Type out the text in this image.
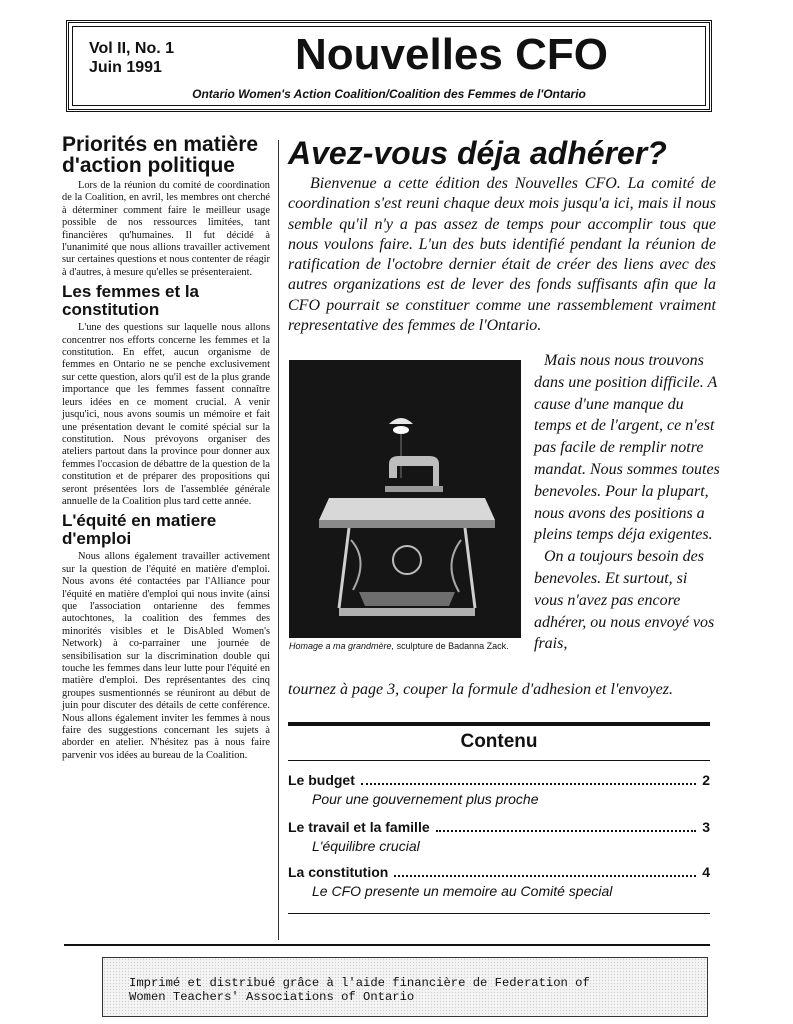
Vol II, No. 1
Juin 1991	Nouvelles CFO
Ontario Women's Action Coalition/Coalition des Femmes de l'Ontario
Priorités en matière d'action politique

Lors de la réunion du comité de coordination de la Coalition, en avril, les membres ont cherché à déterminer comment faire le meilleur usage possible de nos ressources limitées, tant financières qu'humaines. Il fut décidé à l'unanimité que nous allions travailler activement sur certaines questions et nous contenter de réagir à d'autres, à mesure qu'elles se présenteraient.

Les femmes et la constitution

L'une des questions sur laquelle nous allons concentrer nos efforts concerne les femmes et la constitution. En effet, aucun organisme de femmes en Ontario ne se penche exclusivement sur cette question, alors qu'il est de la plus grande importance que les femmes fassent connaître leurs idées en ce moment crucial. A venir jusqu'ici, nous avons soumis un mémoire et fait une présentation devant le comité spécial sur la constitution. Nous prévoyons organiser des ateliers partout dans la province pour donner aux femmes l'occasion de débattre de la question de la constitution et de préparer des propositions qui seront présentées lors de l'assemblée générale annuelle de la Coalition plus tard cette année.

L'équité en matiere d'emploi

Nous allons également travailler activement sur la question de l'équité en matière d'emploi. Nous avons été contactées par l'Alliance pour l'équité en matière d'emploi qui nous invite (ainsi que l'association ontarienne des femmes autochtones, la coalition des femmes des minorités visibles et le DisAbled Women's Network) à co-parrainer une journée de sensibilisation sur la discrimination double qui touche les femmes dans leur lutte pour l'équité en matière d'emploi. Des représentantes des cinq groupes susmentionnés se réuniront au début de juin pour discuter des détails de cette conférence. Nous allons également inviter les femmes à nous faire des suggestions concernant les sujets à aborder en atelier. N'hésitez pas à nous faire parvenir vos idées au bureau de la Coalition.

Avez-vous déja adhérer?

Bienvenue a cette édition des Nouvelles CFO. La comité de coordination s'est reuni chaque deux mois jusqu'a ici, mais il nous semble qu'il n'y a pas assez de temps pour accomplir tous que nous voulons faire. L'un des buts identifié pendant la réunion de ratification de l'octobre dernier était de créer des liens avec des autres organizations est de lever des fonds suffisants afin que la CFO pourrait se constituer comme une rassemblement vraiment representative des femmes de l'Ontario.

Homage a ma grandmère, sculpture de Badanna Zack.

Mais nous nous trouvons dans une position difficile. A cause d'une manque du temps et de l'argent, ce n'est pas facile de remplir notre mandat. Nous sommes toutes benevoles. Pour la plupart, nous avons des positions a pleins temps déja exigentes.

On a toujours besoin des benevoles. Et surtout, si vous n'avez pas encore adhérer, ou nous envoyé vos frais,

tournez à page 3, couper la formule d'adhesion et l'envoyez.

Contenu
Le budget	2
Pour une gouvernement plus proche
Le travail et la famille	3
L'équilibre crucial
La constitution	4
Le CFO presente un memoire au Comité special

Imprimé et distribué grâce à l'aide financière de Federation of
Women Teachers' Associations of Ontario
